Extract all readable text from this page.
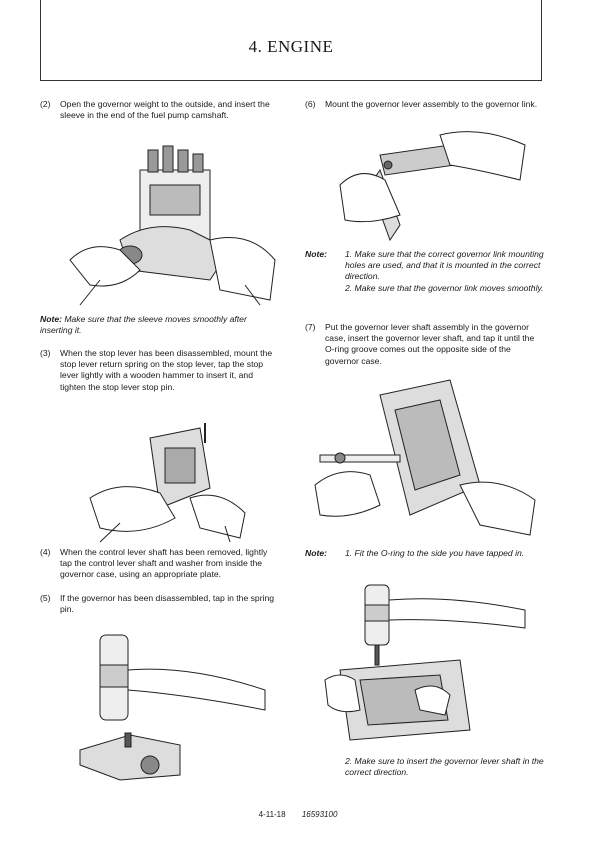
4. ENGINE
(2)	Open the governor weight to the outside, and insert the sleeve in the end of the fuel pump camshaft.
Note: Make sure that the sleeve moves smoothly after inserting it.
(3)	When the stop lever has been disassembled, mount the stop lever return spring on the stop lever, tap the stop lever lightly with a wooden hammer to insert it, and tighten the stop lever stop pin.
(4)	When the control lever shaft has been removed, lightly tap the control lever shaft and washer from inside the governor case, using an appropriate plate.
(5)	If the governor has been disassembled, tap in the spring pin.
(6)	Mount the governor lever assembly to the governor link.
Note: 1. Make sure that the correct governor link mounting holes are used, and that it is mounted in the correct direction.
2. Make sure that the governor link moves smoothly.
(7)	Put the governor lever shaft assembly in the governor case, insert the governor lever shaft, and tap it until the O-ring groove comes out the opposite side of the governor case.
Note: 1. Fit the O-ring to the side you have tapped in.
2. Make sure to insert the governor lever shaft in the correct direction.
4-11-18 16593100
